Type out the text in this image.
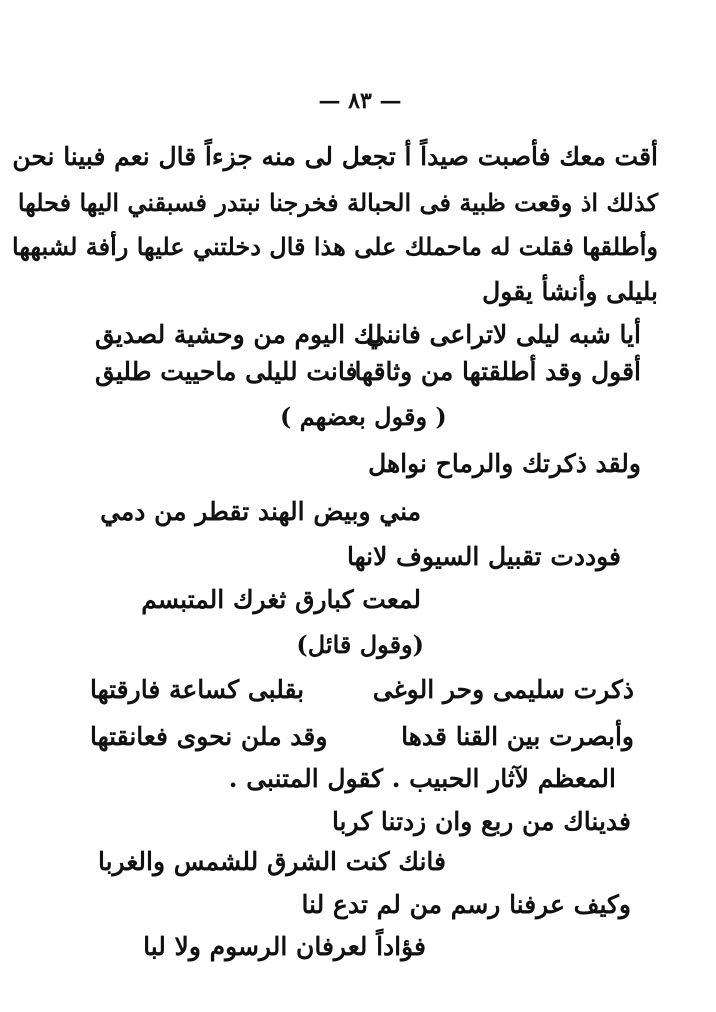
— ٨٣ —
أقت معك فأصبت صيداً أ تجعل لى منه جزءاً قال نعم فبينا نحن
كذلك اذ وقعت ظبية فى الحبالة فخرجنا نبتدر فسبقني اليها فحلها
وأطلقها فقلت له ماحملك على هذا قال دخلتني عليها رأفة لشبهها
بليلى وأنشأ يقول
أيا شبه ليلى لاتراعى فانني
لك اليوم من وحشية لصديق
أقول وقد أطلقتها من وثاقها
فانت لليلى ماحييت طليق
( وقول بعضهم )
ولقد ذكرتك والرماح نواهل
مني وبيض الهند تقطر من دمي
فوددت تقبيل السيوف لانها
لمعت كبارق ثغرك المتبسم
(وقول قائل)
ذكرت سليمى وحر الوغى
بقلبى كساعة فارقتها
وأبصرت بين القنا قدها
وقد ملن نحوى فعانقتها
المعظم لآثار الحبيب . كقول المتنبى .
فديناك من ربع وان زدتنا كربا
فانك كنت الشرق للشمس والغربا
وكيف عرفنا رسم من لم تدع لنا
فؤاداً لعرفان الرسوم ولا لبا
